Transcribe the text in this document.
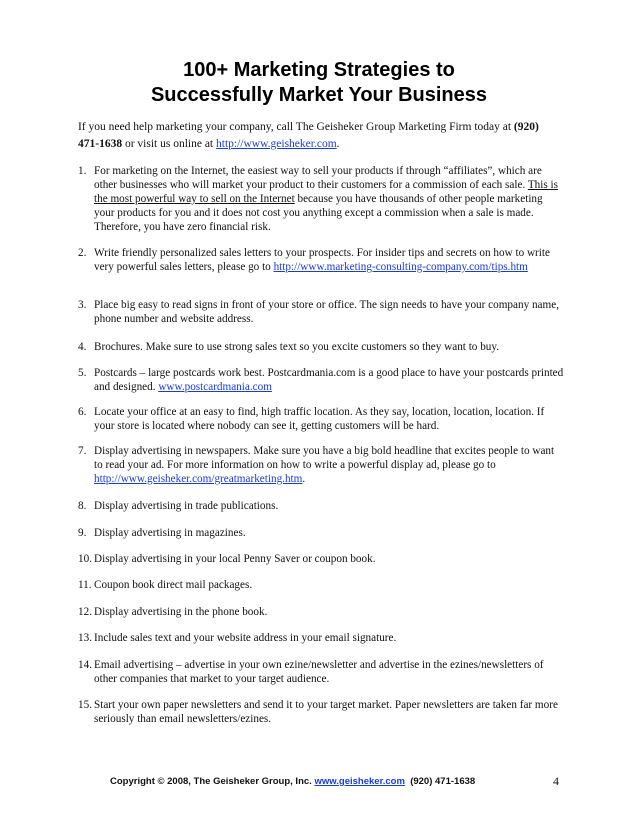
100+ Marketing Strategies to
Successfully Market Your Business
If you need help marketing your company, call The Geisheker Group Marketing Firm today at (920) 471-1638 or visit us online at http://www.geisheker.com.
1. For marketing on the Internet, the easiest way to sell your products if through “affiliates”, which are other businesses who will market your product to their customers for a commission of each sale. This is the most powerful way to sell on the Internet because you have thousands of other people marketing your products for you and it does not cost you anything except a commission when a sale is made. Therefore, you have zero financial risk.
2. Write friendly personalized sales letters to your prospects. For insider tips and secrets on how to write very powerful sales letters, please go to http://www.marketing-consulting-company.com/tips.htm
3. Place big easy to read signs in front of your store or office. The sign needs to have your company name, phone number and website address.
4. Brochures. Make sure to use strong sales text so you excite customers so they want to buy.
5. Postcards – large postcards work best. Postcardmania.com is a good place to have your postcards printed and designed. www.postcardmania.com
6. Locate your office at an easy to find, high traffic location. As they say, location, location, location. If your store is located where nobody can see it, getting customers will be hard.
7. Display advertising in newspapers. Make sure you have a big bold headline that excites people to want to read your ad. For more information on how to write a powerful display ad, please go to http://www.geisheker.com/greatmarketing.htm.
8. Display advertising in trade publications.
9. Display advertising in magazines.
10. Display advertising in your local Penny Saver or coupon book.
11. Coupon book direct mail packages.
12. Display advertising in the phone book.
13. Include sales text and your website address in your email signature.
14. Email advertising – advertise in your own ezine/newsletter and advertise in the ezines/newsletters of other companies that market to your target audience.
15. Start your own paper newsletters and send it to your target market. Paper newsletters are taken far more seriously than email newsletters/ezines.
Copyright © 2008, The Geisheker Group, Inc. www.geisheker.com  (920) 471-1638	4
